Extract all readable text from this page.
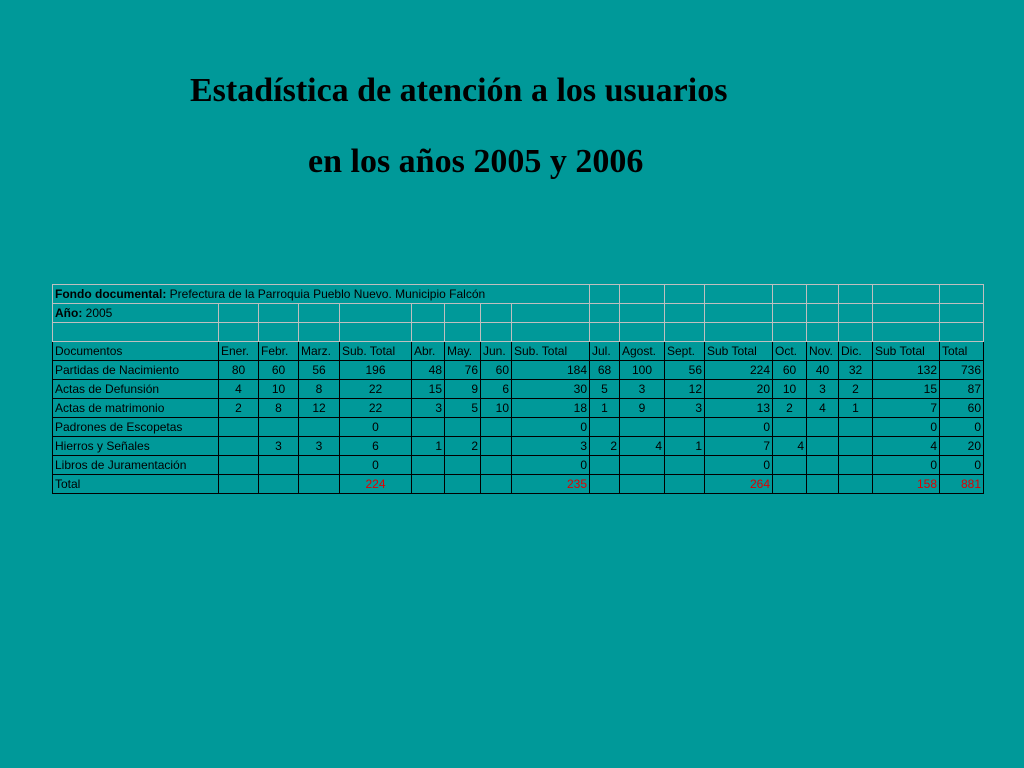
Estadística de atención a los usuarios
en los años 2005 y 2006
Fondo documental: Prefectura de la Parroquia Pueblo Nuevo. Municipio Falcón																	
Año: 2005																	

Documentos	Ener.	Febr.	Marz.	Sub. Total	Abr.	May.	Jun.	Sub. Total	Jul.	Agost.	Sept.	Sub Total	Oct.	Nov.	Dic.	Sub Total	Total
Partidas de Nacimiento	80	60	56	196	48	76	60	184	68	100	56	224	60	40	32	132	736
Actas de Defunsión	4	10	8	22	15	9	6	30	5	3	12	20	10	3	2	15	87
Actas de matrimonio	2	8	12	22	3	5	10	18	1	9	3	13	2	4	1	7	60
Padrones de Escopetas				0				0				0				0	0
Hierros y Señales		3	3	6	1	2		3	2	4	1	7	4			4	20
Libros de Juramentación				0				0				0				0	0
Total				224				235				264				158	881
